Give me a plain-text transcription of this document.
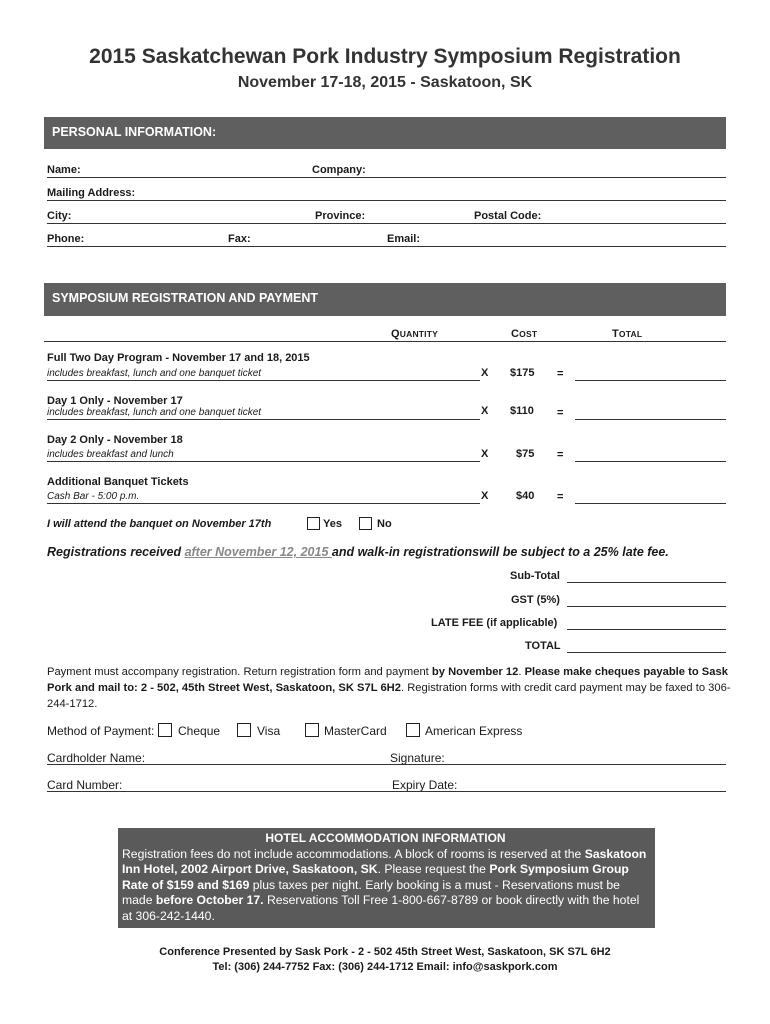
2015 Saskatchewan Pork Industry Symposium Registration
November 17-18, 2015 - Saskatoon, SK
PERSONAL INFORMATION:
Name:	Company:
Mailing Address:
City:	Province:	Postal Code:
Phone:	Fax:	Email:
SYMPOSIUM REGISTRATION AND PAYMENT
QUANTITY	COST	TOTAL
Full Two Day Program - November 17 and 18, 2015
includes breakfast, lunch and one banquet ticket	X $175 =
Day 1 Only - November 17
includes breakfast, lunch and one banquet ticket	X $110 =
Day 2 Only - November 18
includes breakfast and lunch	X	$75 =
Additional Banquet Tickets
Cash Bar - 5:00 p.m.	X	$40 =
I will attend the banquet on November 17th	Yes	No
Registrations received after November 12, 2015 and walk-in registrationswill be subject to a 25% late fee.
Sub-Total
GST (5%)
LATE FEE (if applicable)
TOTAL
Payment must accompany registration. Return registration form and payment by November 12. Please make cheques payable to Sask Pork and mail to: 2 - 502, 45th Street West, Saskatoon, SK S7L 6H2. Registration forms with credit card payment may be faxed to 306-244-1712.
Method of Payment: Cheque	Visa	MasterCard	American Express
Cardholder Name:	Signature:
Card Number:	Expiry Date:
HOTEL ACCOMMODATION INFORMATION
Registration fees do not include accommodations. A block of rooms is reserved at the Saskatoon Inn Hotel, 2002 Airport Drive, Saskatoon, SK. Please request the Pork Symposium Group Rate of $159 and $169 plus taxes per night. Early booking is a must - Reservations must be made before October 17. Reservations Toll Free 1-800-667-8789 or book directly with the hotel at 306-242-1440.
Conference Presented by Sask Pork - 2 - 502 45th Street West, Saskatoon, SK S7L 6H2
Tel: (306) 244-7752 Fax: (306) 244-1712 Email: info@saskpork.com
